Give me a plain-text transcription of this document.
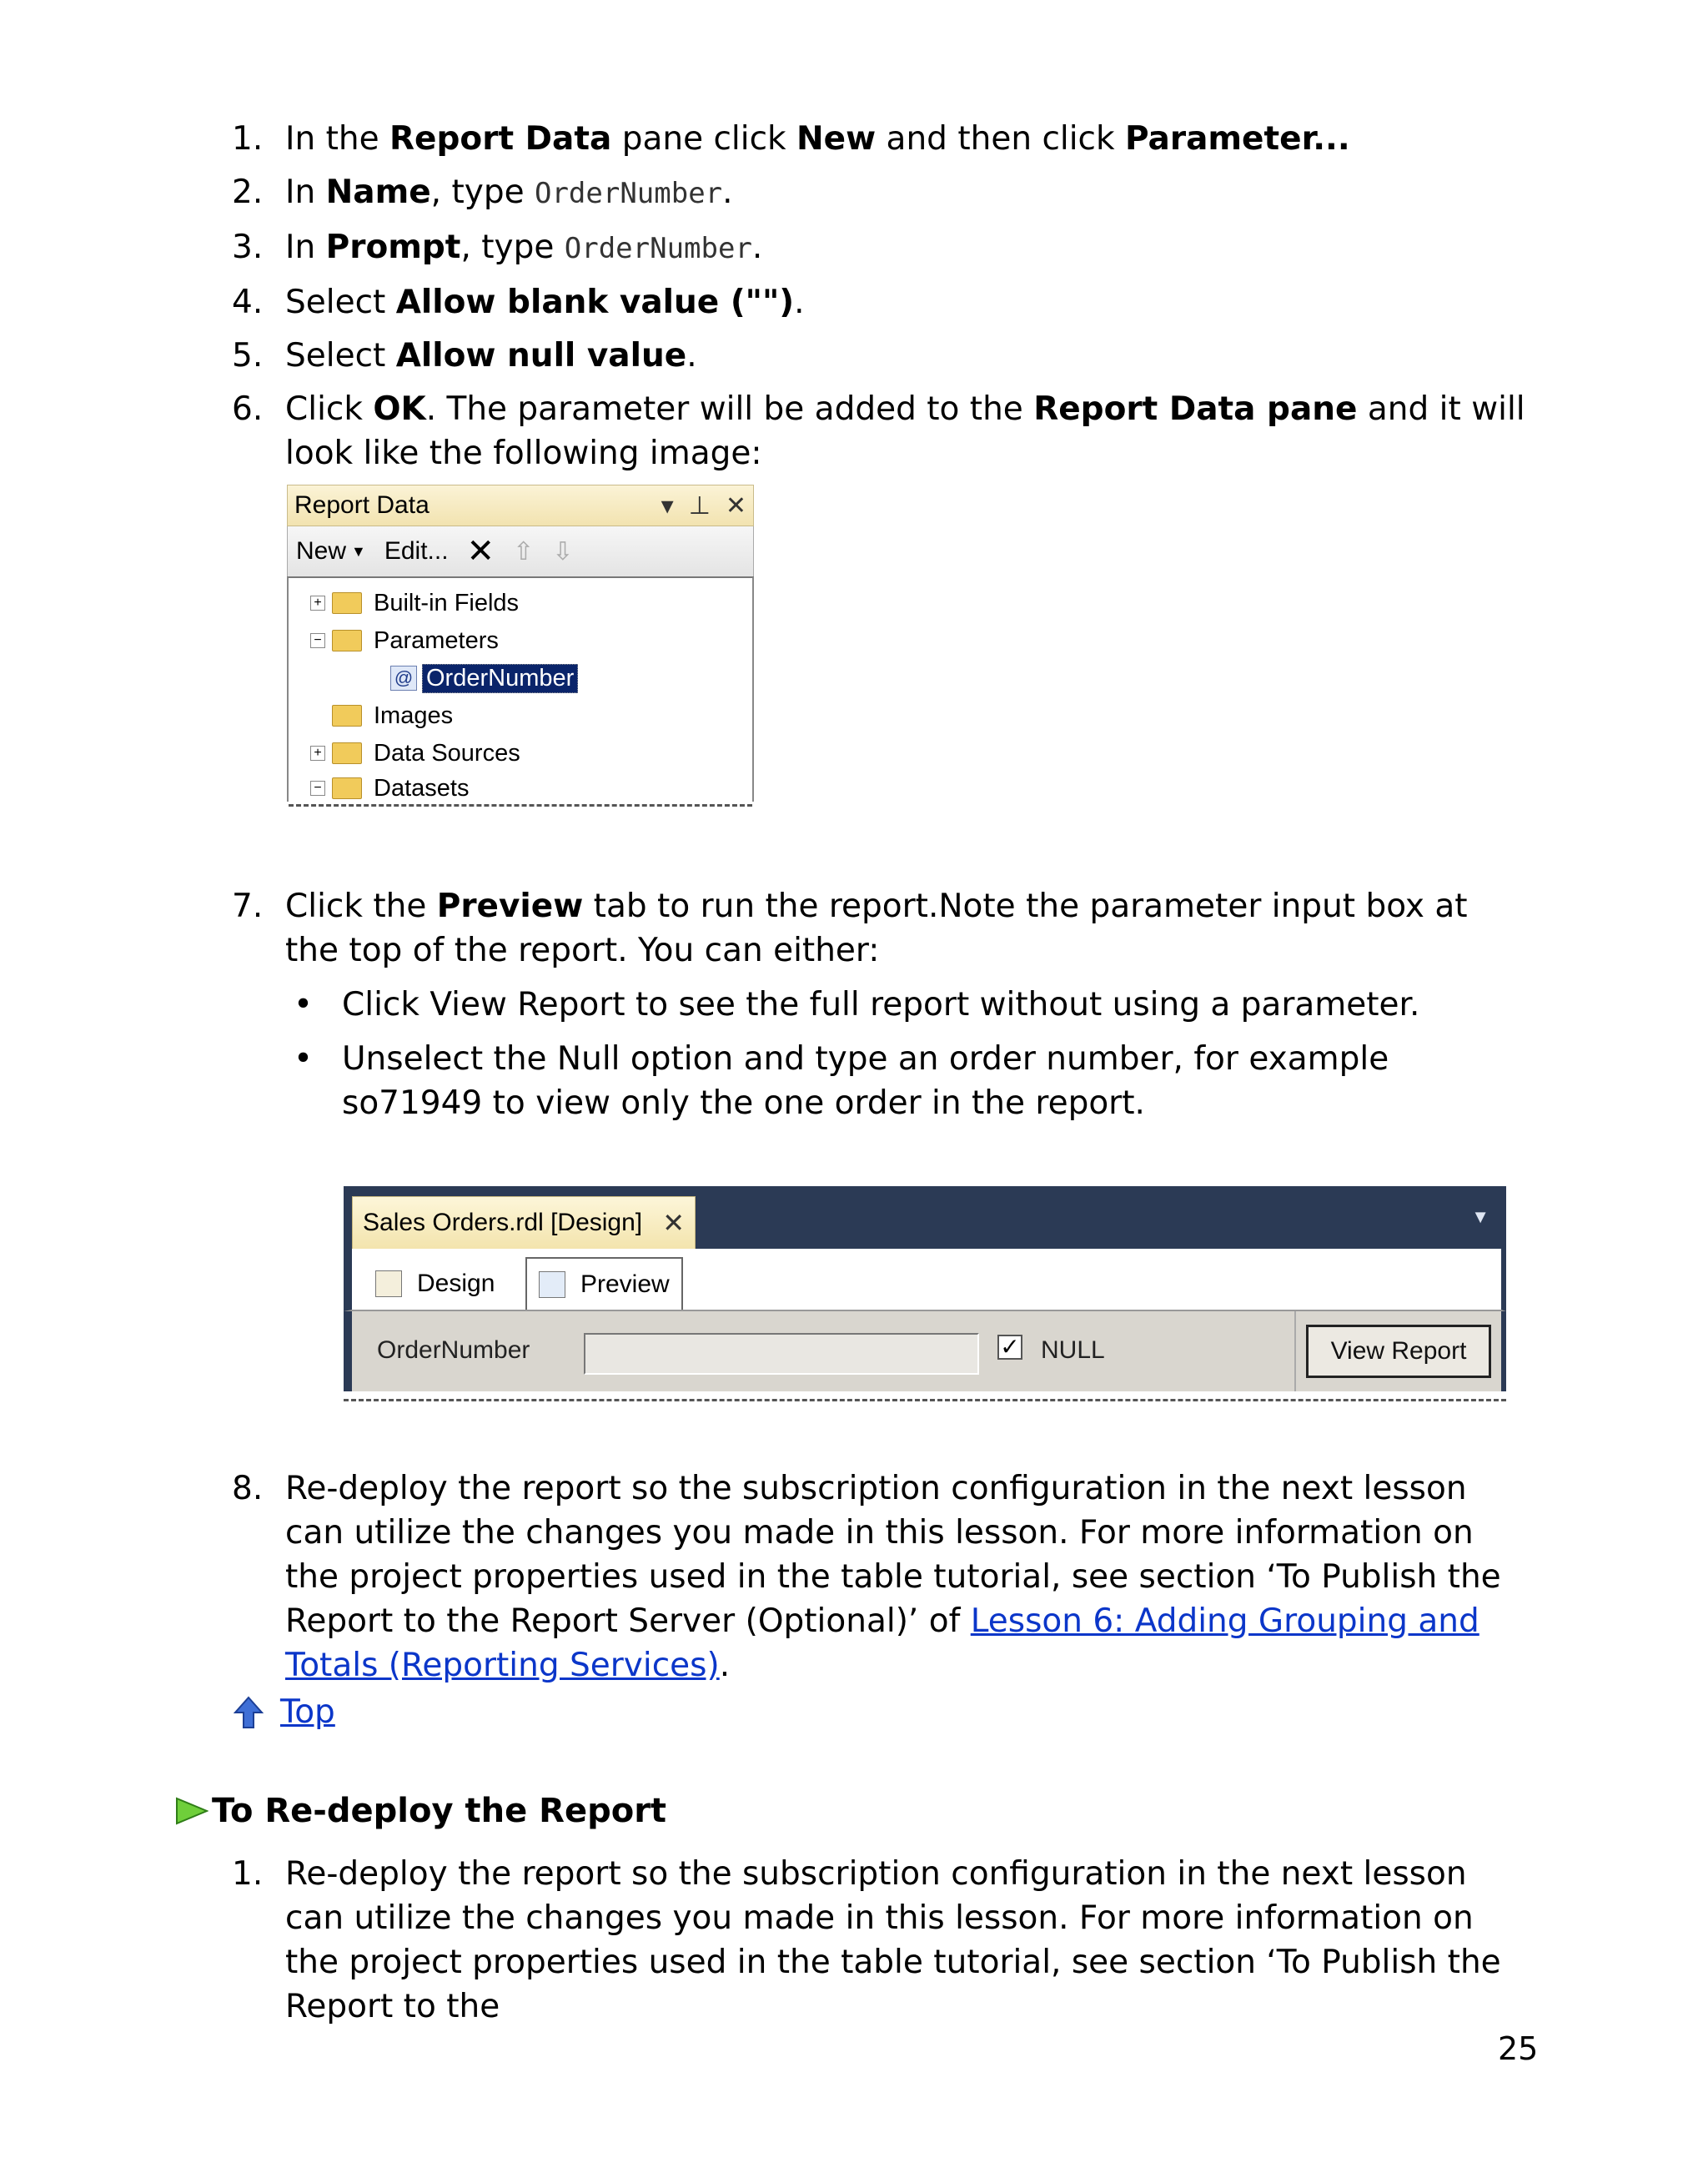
1. In the Report Data pane click New and then click Parameter...
2. In Name, type OrderNumber.
3. In Prompt, type OrderNumber.
4. Select Allow blank value ("").
5. Select Allow null value.
6. Click OK. The parameter will be added to the Report Data pane and it will look like the following image:
Report Data	▾ ⊥ ✕
New ▼ Edit... ✕ ⇧ ⇩
+ Built-in Fields
− Parameters
@ OrderNumber
Images
+ Data Sources
− Datasets
7. Click the Preview tab to run the report.Note the parameter input box at the top of the report. You can either:
• Click View Report to see the full report without using a parameter.
• Unselect the Null option and type an order number, for example so71949 to view only the one order in the report.
Sales Orders.rdl [Design] ✕	▼
Design	Preview
OrderNumber	✓ NULL	View Report
8. Re-deploy the report so the subscription configuration in the next lesson can utilize the changes you made in this lesson. For more information on the project properties used in the table tutorial, see section ‘To Publish the Report to the Report Server (Optional)’ of Lesson 6: Adding Grouping and Totals (Reporting Services).
Top
To Re-deploy the Report
1. Re-deploy the report so the subscription configuration in the next lesson can utilize the changes you made in this lesson. For more information on the project properties used in the table tutorial, see section ‘To Publish the Report to the
25
